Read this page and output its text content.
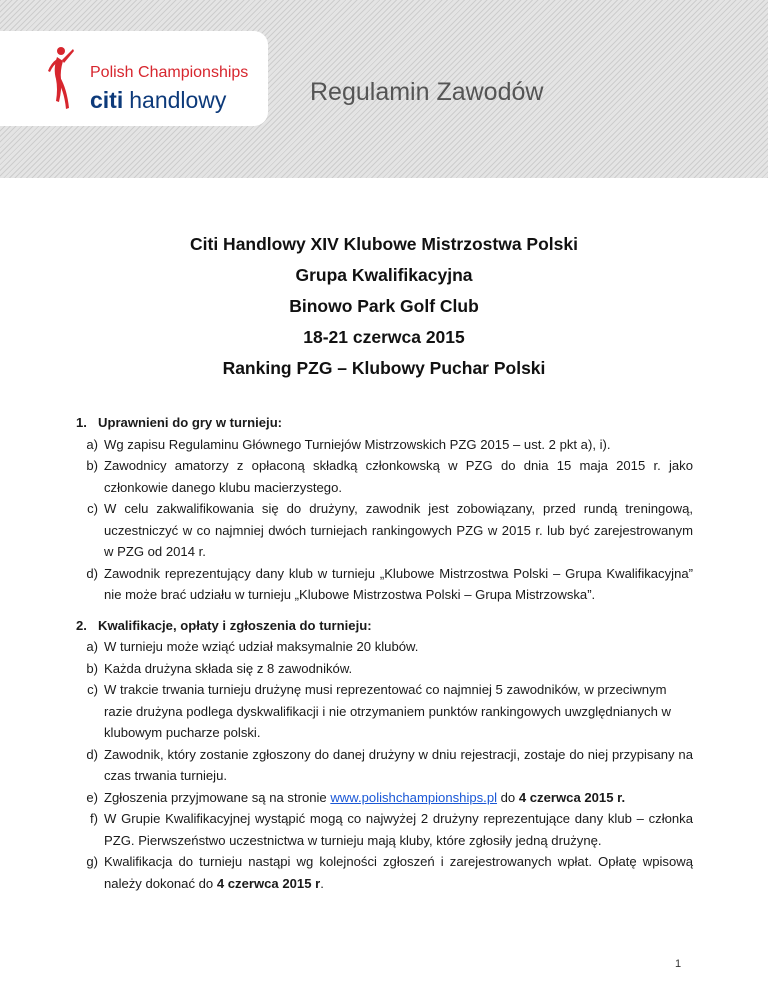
Polish Championships
citi handlowy	Regulamin Zawodów
Citi Handlowy XIV Klubowe Mistrzostwa Polski
Grupa Kwalifikacyjna
Binowo Park Golf Club
18-21 czerwca 2015
Ranking PZG – Klubowy Puchar Polski
1. Uprawnieni do gry w turnieju:
a) Wg zapisu Regulaminu Głównego Turniejów Mistrzowskich PZG 2015 – ust. 2 pkt a), i).
b) Zawodnicy amatorzy z opłaconą składką członkowską w PZG do dnia 15 maja 2015 r. jako członkowie danego klubu macierzystego.
c) W celu zakwalifikowania się do drużyny, zawodnik jest zobowiązany, przed rundą treningową, uczestniczyć w co najmniej dwóch turniejach rankingowych PZG w 2015 r. lub być zarejestrowanym w PZG od 2014 r.
d) Zawodnik reprezentujący dany klub w turnieju „Klubowe Mistrzostwa Polski – Grupa Kwalifikacyjna” nie może brać udziału w turnieju „Klubowe Mistrzostwa Polski – Grupa Mistrzowska”.
2. Kwalifikacje, opłaty i zgłoszenia do turnieju:
a) W turnieju może wziąć udział maksymalnie 20 klubów.
b) Każda drużyna składa się z 8 zawodników.
c) W trakcie trwania turnieju drużynę musi reprezentować co najmniej 5 zawodników, w przeciwnym razie drużyna podlega dyskwalifikacji i nie otrzymaniem punktów rankingowych uwzględnianych w klubowym pucharze polski.
d) Zawodnik, który zostanie zgłoszony do danej drużyny w dniu rejestracji, zostaje do niej przypisany na czas trwania turnieju.
e) Zgłoszenia przyjmowane są na stronie www.polishchampionships.pl do 4 czerwca 2015 r.
f) W Grupie Kwalifikacyjnej wystąpić mogą co najwyżej 2 drużyny reprezentujące dany klub – członka PZG. Pierwszeństwo uczestnictwa w turnieju mają kluby, które zgłosiły jedną drużynę.
g) Kwalifikacja do turnieju nastąpi wg kolejności zgłoszeń i zarejestrowanych wpłat. Opłatę wpisową należy dokonać do 4 czerwca 2015 r.
1
